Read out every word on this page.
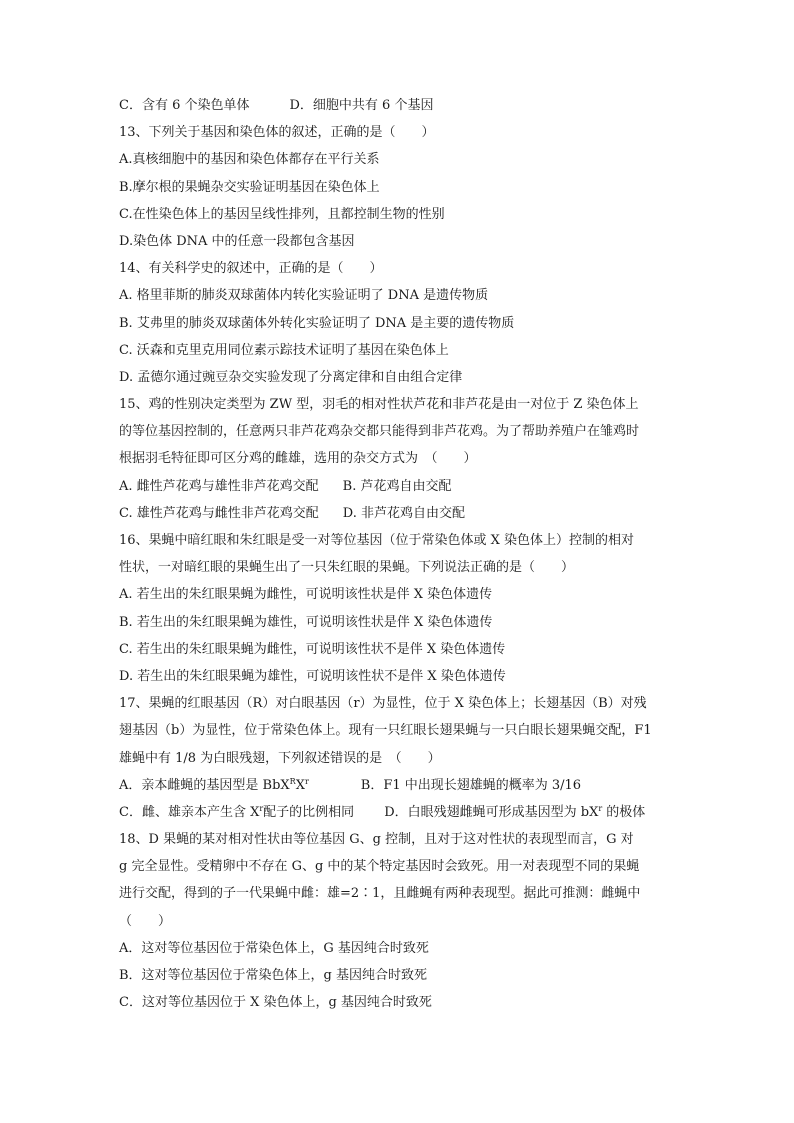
C．含有 6 个染色单体	D．细胞中共有 6 个基因
13、下列关于基因和染色体的叙述，正确的是（　　）
A.真核细胞中的基因和染色体都存在平行关系
B.摩尔根的果蝇杂交实验证明基因在染色体上
C.在性染色体上的基因呈线性排列，且都控制生物的性别
D.染色体 DNA 中的任意一段都包含基因
14、有关科学史的叙述中，正确的是（　　）
A. 格里菲斯的肺炎双球菌体内转化实验证明了 DNA 是遗传物质
B. 艾弗里的肺炎双球菌体外转化实验证明了 DNA 是主要的遗传物质
C. 沃森和克里克用同位素示踪技术证明了基因在染色体上
D. 孟德尔通过豌豆杂交实验发现了分离定律和自由组合定律
15、鸡的性别决定类型为 ZW 型，羽毛的相对性状芦花和非芦花是由一对位于 Z 染色体上
的等位基因控制的，任意两只非芦花鸡杂交都只能得到非芦花鸡。为了帮助养殖户在雏鸡时
根据羽毛特征即可区分鸡的雌雄，选用的杂交方式为　（　　）
A. 雌性芦花鸡与雄性非芦花鸡交配 B. 芦花鸡自由交配
C. 雄性芦花鸡与雌性非芦花鸡交配 D. 非芦花鸡自由交配
16、果蝇中暗红眼和朱红眼是受一对等位基因（位于常染色体或 X 染色体上）控制的相对
性状，一对暗红眼的果蝇生出了一只朱红眼的果蝇。下列说法正确的是（　　）
A. 若生出的朱红眼果蝇为雌性，可说明该性状是伴 X 染色体遗传
B. 若生出的朱红眼果蝇为雄性，可说明该性状是伴 X 染色体遗传
C. 若生出的朱红眼果蝇为雌性，可说明该性状不是伴 X 染色体遗传
D. 若生出的朱红眼果蝇为雄性，可说明该性状不是伴 X 染色体遗传
17、果蝇的红眼基因（R）对白眼基因（r）为显性，位于 X 染色体上；长翅基因（B）对残
翅基因（b）为显性，位于常染色体上。现有一只红眼长翅果蝇与一只白眼长翅果蝇交配，F1
雄蝇中有 1/8 为白眼残翅，下列叙述错误的是　（　　）
A．亲本雌蝇的基因型是 $BbX^RX^r$	B．F1 中出现长翅雄蝇的概率为 3/16
C．雌、雄亲本产生含 $X^r$配子的比例相同 D．白眼残翅雌蝇可形成基因型为 $bX^r$ 的极体
18、D 果蝇的某对相对性状由等位基因 G、g 控制，且对于这对性状的表现型而言，G 对
g 完全显性。受精卵中不存在 G、g 中的某个特定基因时会致死。用一对表现型不同的果蝇
进行交配，得到的子一代果蝇中雌：雄=2∶1，且雌蝇有两种表现型。据此可推测：雌蝇中
（　　）
A．这对等位基因位于常染色体上，G 基因纯合时致死
B．这对等位基因位于常染色体上，g 基因纯合时致死
C．这对等位基因位于 X 染色体上，g 基因纯合时致死
